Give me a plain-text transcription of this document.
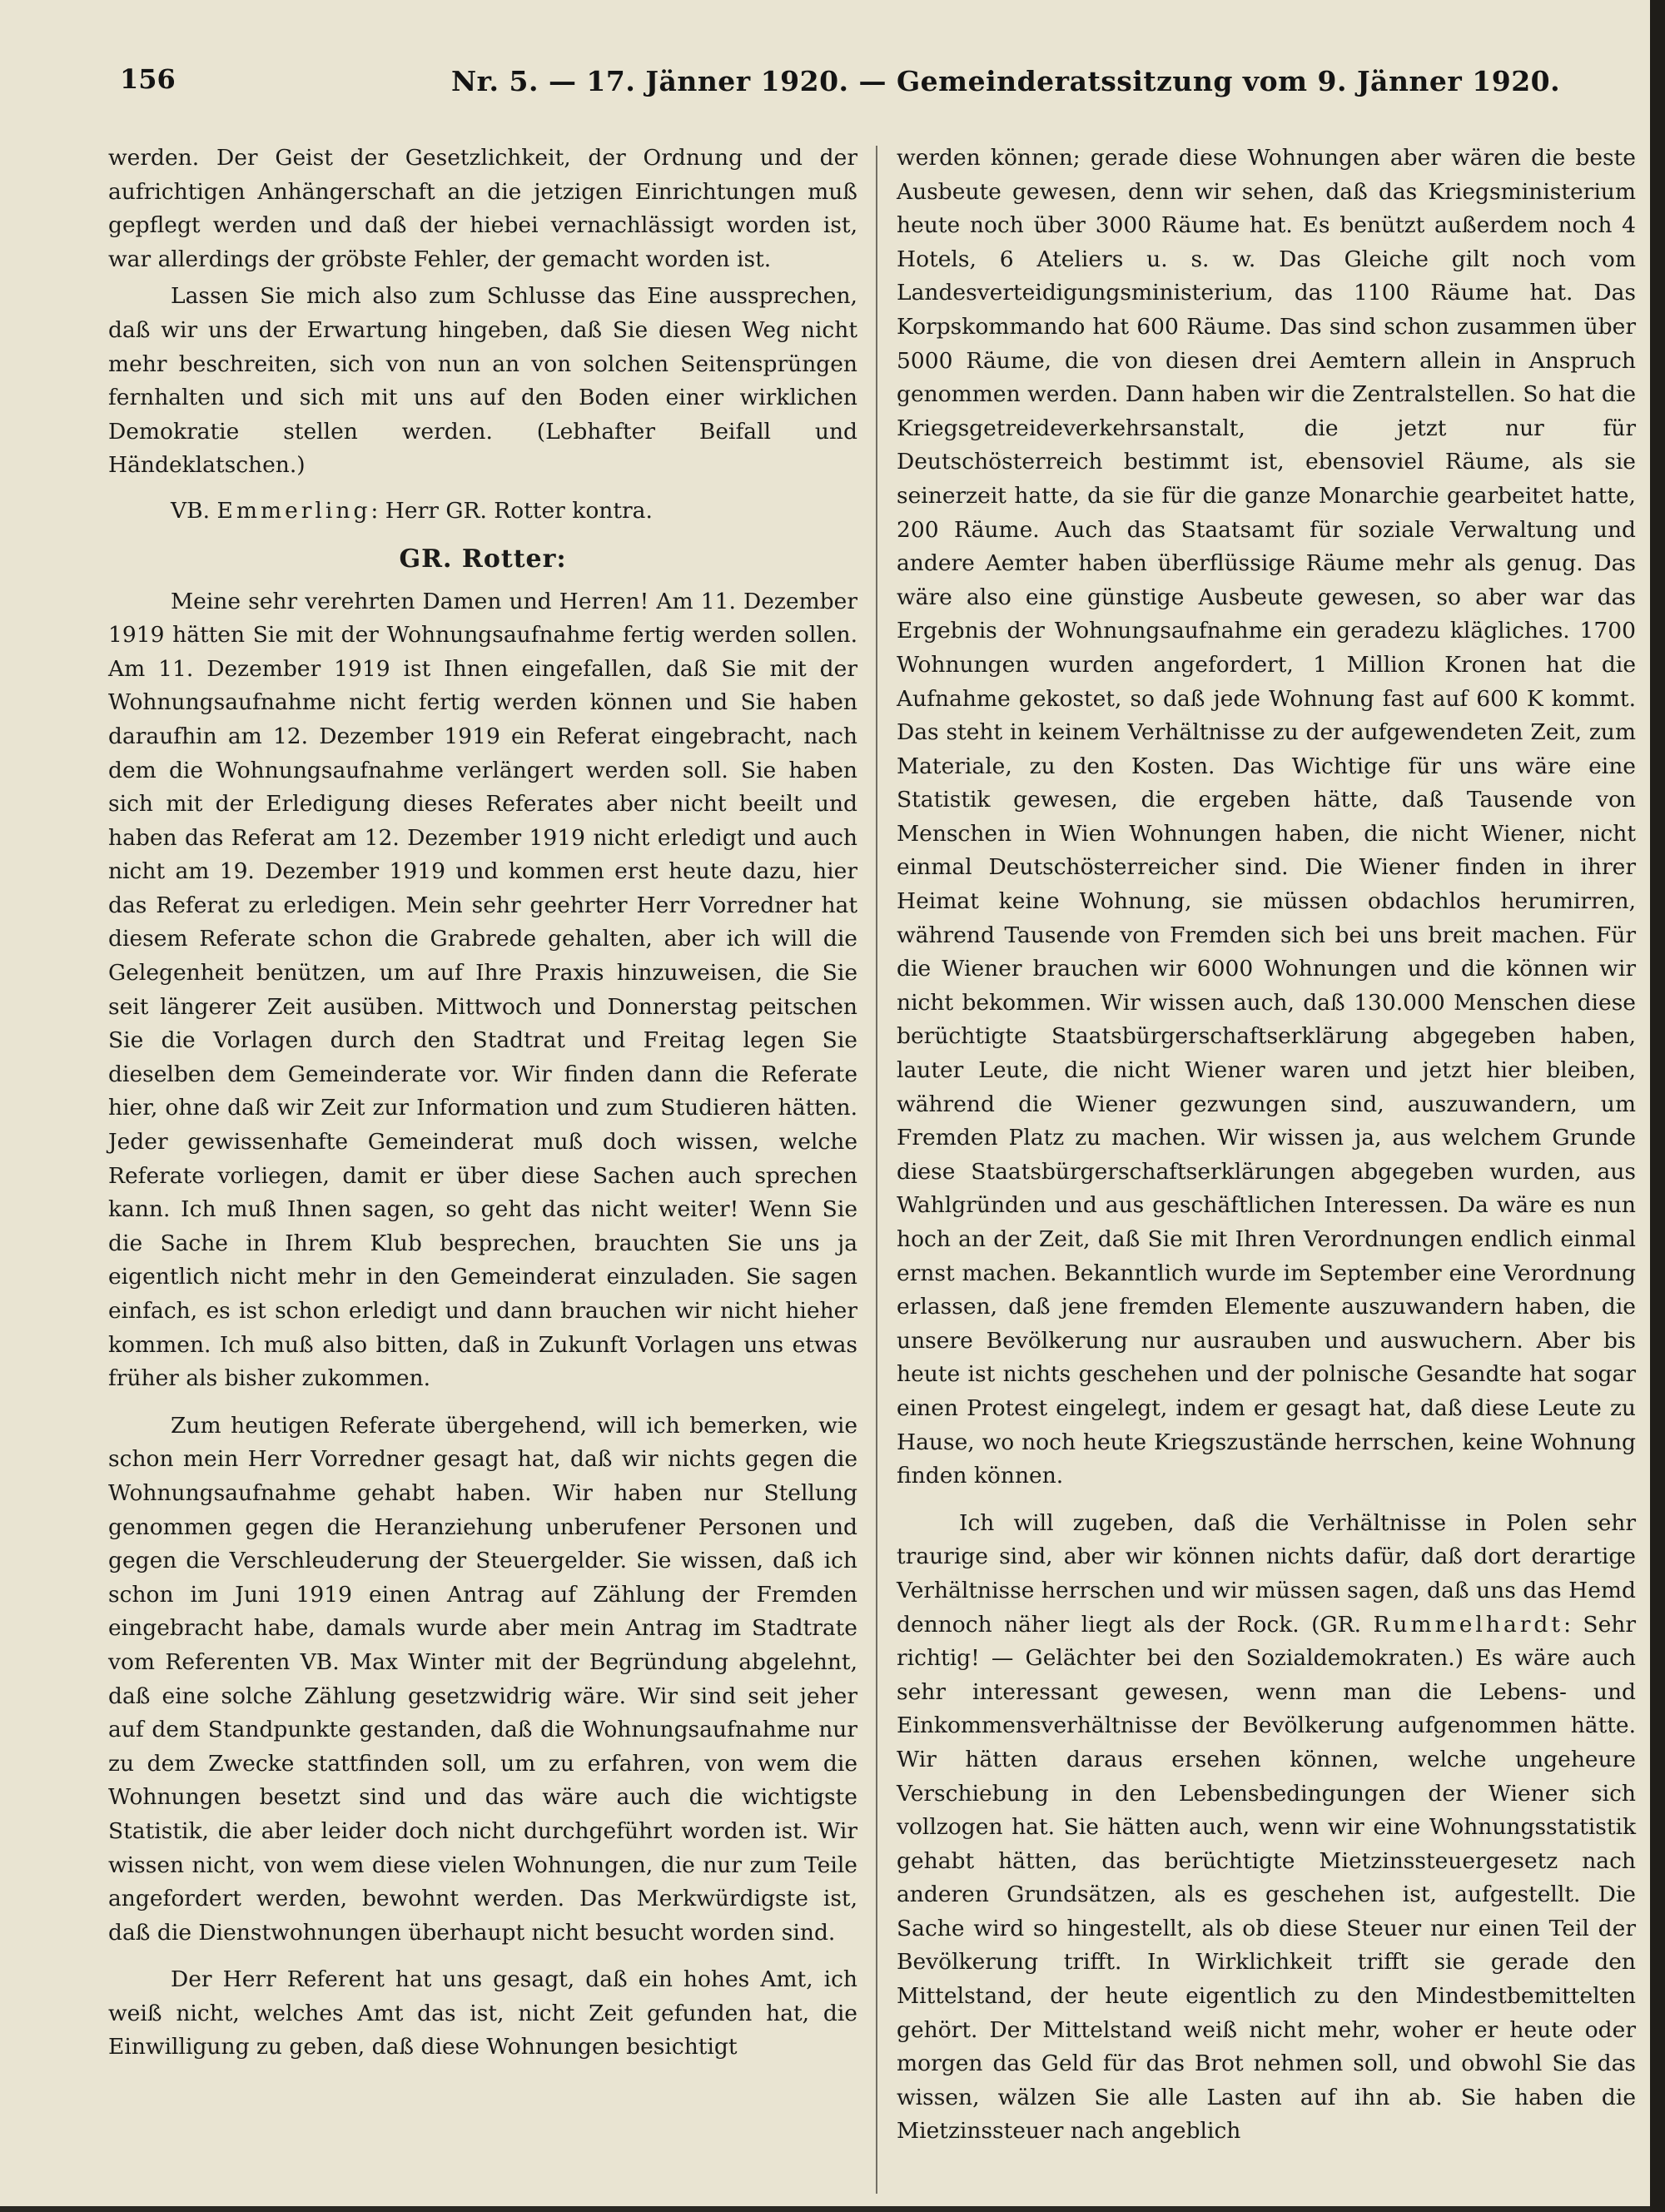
156	Nr. 5. — 17. Jänner 1920. — Gemeinderatssitzung vom 9. Jänner 1920.

werden. Der Geist der Gesetzlichkeit, der Ordnung und der aufrichtigen Anhängerschaft an die jetzigen Einrichtungen muß gepflegt werden und daß der hiebei vernachlässigt worden ist, war allerdings der gröbste Fehler, der gemacht worden ist.

Lassen Sie mich also zum Schlusse das Eine aussprechen, daß wir uns der Erwartung hingeben, daß Sie diesen Weg nicht mehr beschreiten, sich von nun an von solchen Seitensprüngen fernhalten und sich mit uns auf den Boden einer wirklichen Demokratie stellen werden. (Lebhafter Beifall und Händeklatschen.)

VB. Emmerling: Herr GR. Rotter kontra.

GR. Rotter:

Meine sehr verehrten Damen und Herren! Am 11. Dezember 1919 hätten Sie mit der Wohnungsaufnahme fertig werden sollen. Am 11. Dezember 1919 ist Ihnen eingefallen, daß Sie mit der Wohnungsaufnahme nicht fertig werden können und Sie haben daraufhin am 12. Dezember 1919 ein Referat eingebracht, nach dem die Wohnungsaufnahme verlängert werden soll. Sie haben sich mit der Erledigung dieses Referates aber nicht beeilt und haben das Referat am 12. Dezember 1919 nicht erledigt und auch nicht am 19. Dezember 1919 und kommen erst heute dazu, hier das Referat zu erledigen. Mein sehr geehrter Herr Vorredner hat diesem Referate schon die Grabrede gehalten, aber ich will die Gelegenheit benützen, um auf Ihre Praxis hinzuweisen, die Sie seit längerer Zeit ausüben. Mittwoch und Donnerstag peitschen Sie die Vorlagen durch den Stadtrat und Freitag legen Sie dieselben dem Gemeinderate vor. Wir finden dann die Referate hier, ohne daß wir Zeit zur Information und zum Studieren hätten. Jeder gewissenhafte Gemeinderat muß doch wissen, welche Referate vorliegen, damit er über diese Sachen auch sprechen kann. Ich muß Ihnen sagen, so geht das nicht weiter! Wenn Sie die Sache in Ihrem Klub besprechen, brauchten Sie uns ja eigentlich nicht mehr in den Gemeinderat einzuladen. Sie sagen einfach, es ist schon erledigt und dann brauchen wir nicht hieher kommen. Ich muß also bitten, daß in Zukunft Vorlagen uns etwas früher als bisher zukommen.

Zum heutigen Referate übergehend, will ich bemerken, wie schon mein Herr Vorredner gesagt hat, daß wir nichts gegen die Wohnungsaufnahme gehabt haben. Wir haben nur Stellung genommen gegen die Heranziehung unberufener Personen und gegen die Verschleuderung der Steuergelder. Sie wissen, daß ich schon im Juni 1919 einen Antrag auf Zählung der Fremden eingebracht habe, damals wurde aber mein Antrag im Stadtrate vom Referenten VB. Max Winter mit der Begründung abgelehnt, daß eine solche Zählung gesetzwidrig wäre. Wir sind seit jeher auf dem Standpunkte gestanden, daß die Wohnungsaufnahme nur zu dem Zwecke stattfinden soll, um zu erfahren, von wem die Wohnungen besetzt sind und das wäre auch die wichtigste Statistik, die aber leider doch nicht durchgeführt worden ist. Wir wissen nicht, von wem diese vielen Wohnungen, die nur zum Teile angefordert werden, bewohnt werden. Das Merkwürdigste ist, daß die Dienstwohnungen überhaupt nicht besucht worden sind.

Der Herr Referent hat uns gesagt, daß ein hohes Amt, ich weiß nicht, welches Amt das ist, nicht Zeit gefunden hat, die Einwilligung zu geben, daß diese Wohnungen besichtigt

werden können; gerade diese Wohnungen aber wären die beste Ausbeute gewesen, denn wir sehen, daß das Kriegsministerium heute noch über 3000 Räume hat. Es benützt außerdem noch 4 Hotels, 6 Ateliers u. s. w. Das Gleiche gilt noch vom Landesverteidigungsministerium, das 1100 Räume hat. Das Korpskommando hat 600 Räume. Das sind schon zusammen über 5000 Räume, die von diesen drei Aemtern allein in Anspruch genommen werden. Dann haben wir die Zentralstellen. So hat die Kriegsgetreideverkehrsanstalt, die jetzt nur für Deutschösterreich bestimmt ist, ebensoviel Räume, als sie seinerzeit hatte, da sie für die ganze Monarchie gearbeitet hatte, 200 Räume. Auch das Staatsamt für soziale Verwaltung und andere Aemter haben überflüssige Räume mehr als genug. Das wäre also eine günstige Ausbeute gewesen, so aber war das Ergebnis der Wohnungsaufnahme ein geradezu klägliches. 1700 Wohnungen wurden angefordert, 1 Million Kronen hat die Aufnahme gekostet, so daß jede Wohnung fast auf 600 K kommt. Das steht in keinem Verhältnisse zu der aufgewendeten Zeit, zum Materiale, zu den Kosten. Das Wichtige für uns wäre eine Statistik gewesen, die ergeben hätte, daß Tausende von Menschen in Wien Wohnungen haben, die nicht Wiener, nicht einmal Deutschösterreicher sind. Die Wiener finden in ihrer Heimat keine Wohnung, sie müssen obdachlos herumirren, während Tausende von Fremden sich bei uns breit machen. Für die Wiener brauchen wir 6000 Wohnungen und die können wir nicht bekommen. Wir wissen auch, daß 130.000 Menschen diese berüchtigte Staatsbürgerschaftserklärung abgegeben haben, lauter Leute, die nicht Wiener waren und jetzt hier bleiben, während die Wiener gezwungen sind, auszuwandern, um Fremden Platz zu machen. Wir wissen ja, aus welchem Grunde diese Staatsbürgerschaftserklärungen abgegeben wurden, aus Wahlgründen und aus geschäftlichen Interessen. Da wäre es nun hoch an der Zeit, daß Sie mit Ihren Verordnungen endlich einmal ernst machen. Bekanntlich wurde im September eine Verordnung erlassen, daß jene fremden Elemente auszuwandern haben, die unsere Bevölkerung nur ausrauben und auswuchern. Aber bis heute ist nichts geschehen und der polnische Gesandte hat sogar einen Protest eingelegt, indem er gesagt hat, daß diese Leute zu Hause, wo noch heute Kriegszustände herrschen, keine Wohnung finden können.

Ich will zugeben, daß die Verhältnisse in Polen sehr traurige sind, aber wir können nichts dafür, daß dort derartige Verhältnisse herrschen und wir müssen sagen, daß uns das Hemd dennoch näher liegt als der Rock. (GR. Rummelhardt: Sehr richtig! — Gelächter bei den Sozialdemokraten.) Es wäre auch sehr interessant gewesen, wenn man die Lebens- und Einkommensverhältnisse der Bevölkerung aufgenommen hätte. Wir hätten daraus ersehen können, welche ungeheure Verschiebung in den Lebensbedingungen der Wiener sich vollzogen hat. Sie hätten auch, wenn wir eine Wohnungsstatistik gehabt hätten, das berüchtigte Mietzinssteuergesetz nach anderen Grundsätzen, als es geschehen ist, aufgestellt. Die Sache wird so hingestellt, als ob diese Steuer nur einen Teil der Bevölkerung trifft. In Wirklichkeit trifft sie gerade den Mittelstand, der heute eigentlich zu den Mindestbemittelten gehört. Der Mittelstand weiß nicht mehr, woher er heute oder morgen das Geld für das Brot nehmen soll, und obwohl Sie das wissen, wälzen Sie alle Lasten auf ihn ab. Sie haben die Mietzinssteuer nach angeblich
